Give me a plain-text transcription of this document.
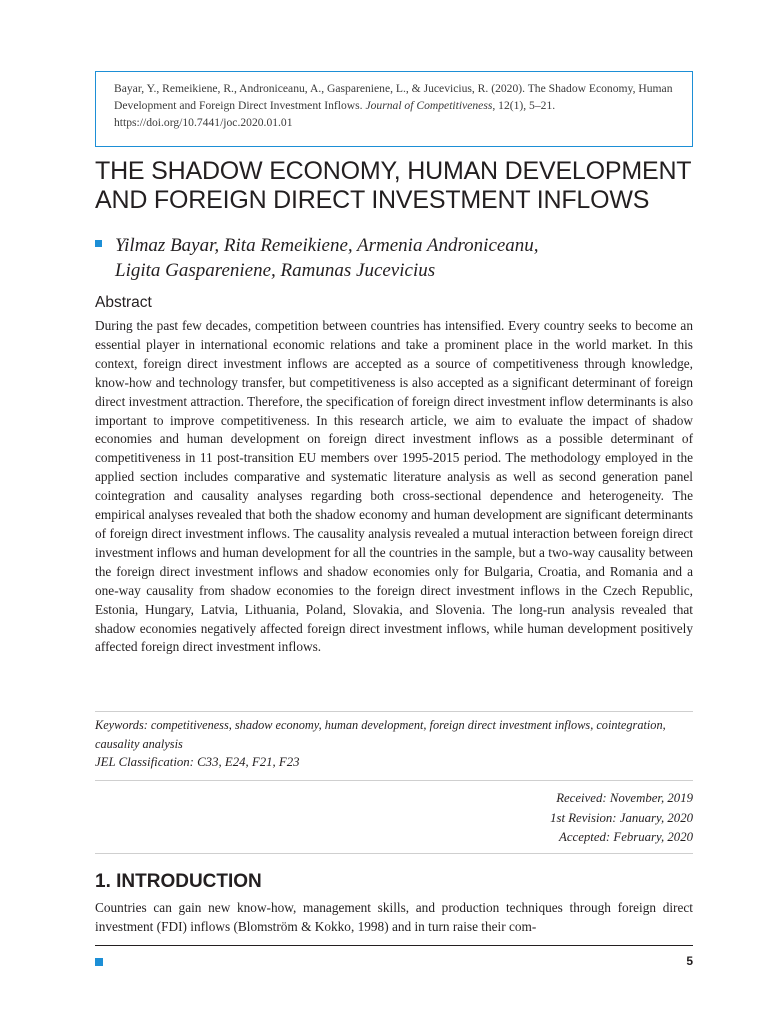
Bayar, Y., Remeikiene, R., Androniceanu, A., Gaspareniene, L., & Jucevicius, R. (2020). The Shadow Economy, Human Development and Foreign Direct Investment Inflows. Journal of Competitiveness, 12(1), 5–21. https://doi.org/10.7441/joc.2020.01.01
THE SHADOW ECONOMY, HUMAN DEVELOPMENT
AND FOREIGN DIRECT INVESTMENT INFLOWS
Yilmaz Bayar, Rita Remeikiene, Armenia Androniceanu,
Ligita Gaspareniene, Ramunas Jucevicius
Abstract

During the past few decades, competition between countries has intensified. Every country seeks to become an essential player in international economic relations and take a prominent place in the world market. In this context, foreign direct investment inflows are accepted as a source of competitiveness through knowledge, know-how and technology transfer, but competitiveness is also accepted as a significant determinant of foreign direct investment attraction. Therefore, the specification of foreign direct investment inflow determinants is also important to improve competitiveness. In this research article, we aim to evaluate the impact of shadow economies and human development on foreign direct investment inflows as a possible determinant of competitiveness in 11 post-transition EU members over 1995-2015 period. The methodology employed in the applied section includes comparative and systematic literature analysis as well as second generation panel cointegration and causality analyses regarding both cross-sectional dependence and heterogeneity. The empirical analyses revealed that both the shadow economy and human development are significant determinants of foreign direct investment inflows. The causality analysis revealed a mutual interaction between foreign direct investment inflows and human development for all the countries in the sample, but a two-way causality between the foreign direct investment inflows and shadow economies only for Bulgaria, Croatia, and Romania and a one-way causality from shadow economies to the foreign direct investment inflows in the Czech Republic, Estonia, Hungary, Latvia, Lithuania, Poland, Slovakia, and Slovenia. The long-run analysis revealed that shadow economies negatively affected foreign direct investment inflows, while human development positively affected foreign direct investment inflows.

Keywords: competitiveness, shadow economy, human development, foreign direct investment inflows, cointegration, causality analysis
JEL Classification: C33, E24, F21, F23
Received: November, 2019
1st Revision: January, 2020
Accepted: February, 2020
1. INTRODUCTION

Countries can gain new know-how, management skills, and production techniques through foreign direct investment (FDI) inflows (Blomström & Kokko, 1998) and in turn raise their com-

5
